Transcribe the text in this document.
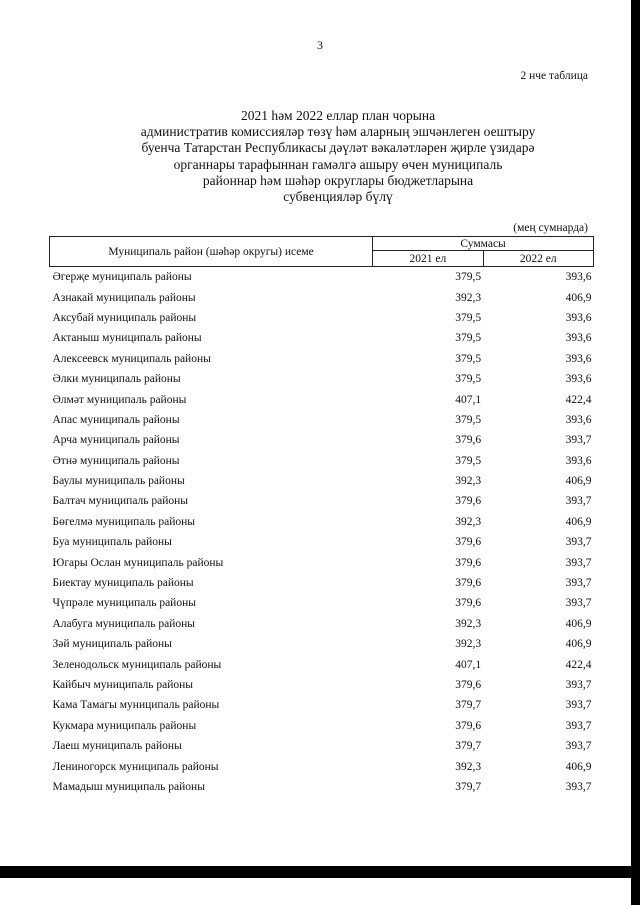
3
2 нче таблица
2021 һәм 2022 еллар план чорына
административ комиссияләр төзү һәм аларның эшчәнлеген оештыру
буенча Татарстан Республикасы дәүләт вәкаләтләрен җирле үзидарә
органнары тарафыннан гамәлгә ашыру өчен муниципаль
районнар һәм шәһәр округлары бюджетларына
субвенцияләр бүлү
(мең сумнарда)
Муниципаль район (шәһәр округы) исеме	Суммасы	
	2021 ел	2022 ел
Әгерҗе муниципаль районы	379,5	393,6
Азнакай муниципаль районы	392,3	406,9
Аксубай муниципаль районы	379,5	393,6
Актаныш муниципаль районы	379,5	393,6
Алексеевск муниципаль районы	379,5	393,6
Әлки муниципаль районы	379,5	393,6
Әлмәт муниципаль районы	407,1	422,4
Апас муниципаль районы	379,5	393,6
Арча муниципаль районы	379,6	393,7
Әтнә муниципаль районы	379,5	393,6
Баулы муниципаль районы	392,3	406,9
Балтач муниципаль районы	379,6	393,7
Бөгелмә муниципаль районы	392,3	406,9
Буа муниципаль районы	379,6	393,7
Югары Ослан муниципаль районы	379,6	393,7
Биектау муниципаль районы	379,6	393,7
Чүпрәле муниципаль районы	379,6	393,7
Алабуга муниципаль районы	392,3	406,9
Зәй муниципаль районы	392,3	406,9
Зеленодольск муниципаль районы	407,1	422,4
Кайбыч муниципаль районы	379,6	393,7
Кама Тамагы муниципаль районы	379,7	393,7
Кукмара муниципаль районы	379,6	393,7
Лаеш муниципаль районы	379,7	393,7
Лениногорск муниципаль районы	392,3	406,9
Мамадыш муниципаль районы	379,7	393,7
